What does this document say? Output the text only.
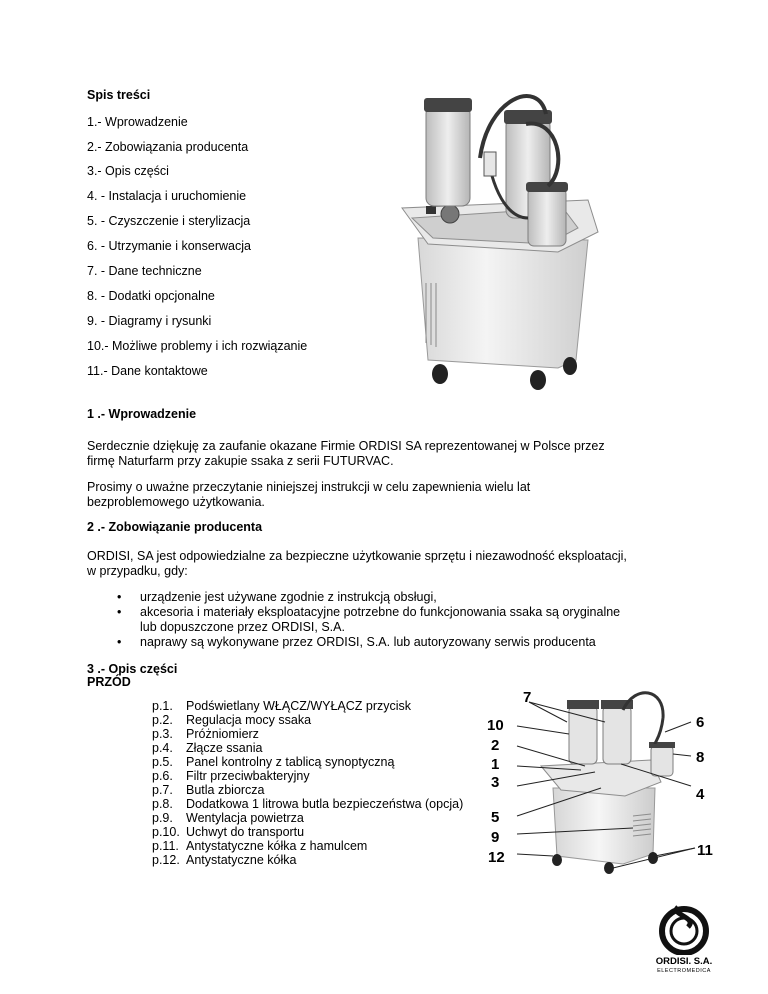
Spis treści
1.- Wprowadzenie
2.- Zobowiązania producenta
3.- Opis części
4. - Instalacja i uruchomienie
5. - Czyszczenie i sterylizacja
6. - Utrzymanie i konserwacja
7. - Dane techniczne
8. - Dodatki opcjonalne
9. - Diagramy i rysunki
10.- Możliwe problemy i ich rozwiązanie
11.- Dane kontaktowe
1 .- Wprowadzenie
Serdecznie dziękuję za zaufanie okazane Firmie ORDISI SA reprezentowanej w Polsce przez
firmę Naturfarm przy zakupie ssaka z serii FUTURVAC.
Prosimy o uważne przeczytanie niniejszej instrukcji w celu zapewnienia wielu lat
bezproblemowego użytkowania.
2 .- Zobowiązanie producenta
ORDISI, SA jest odpowiedzialne za bezpieczne użytkowanie sprzętu i niezawodność eksploatacji,
w przypadku, gdy:
• urządzenie jest używane zgodnie z instrukcją obsługi,
• akcesoria i materiały eksploatacyjne potrzebne do funkcjonowania ssaka są oryginalne
lub dopuszczone przez ORDISI, S.A.
• naprawy są wykonywane przez ORDISI, S.A. lub autoryzowany serwis producenta
3 .- Opis części
PRZÓD
p.1. Podświetlany WŁĄCZ/WYŁĄCZ przycisk
p.2. Regulacja mocy ssaka
p.3. Próżniomierz
p.4. Złącze ssania
p.5. Panel kontrolny z tablicą synoptyczną
p.6. Filtr przeciwbakteryjny
p.7. Butla zbiorcza
p.8. Dodatkowa 1 litrowa butla bezpieczeństwa (opcja)
p.9. Wentylacja powietrza
p.10. Uchwyt do transportu
p.11. Antystatyczne kółka z hamulcem
p.12. Antystatyczne kółka
7
10
2
1
3
5
9
12
6
8
4
11
ORDISI. S.A.
ELECTROMEDICA
